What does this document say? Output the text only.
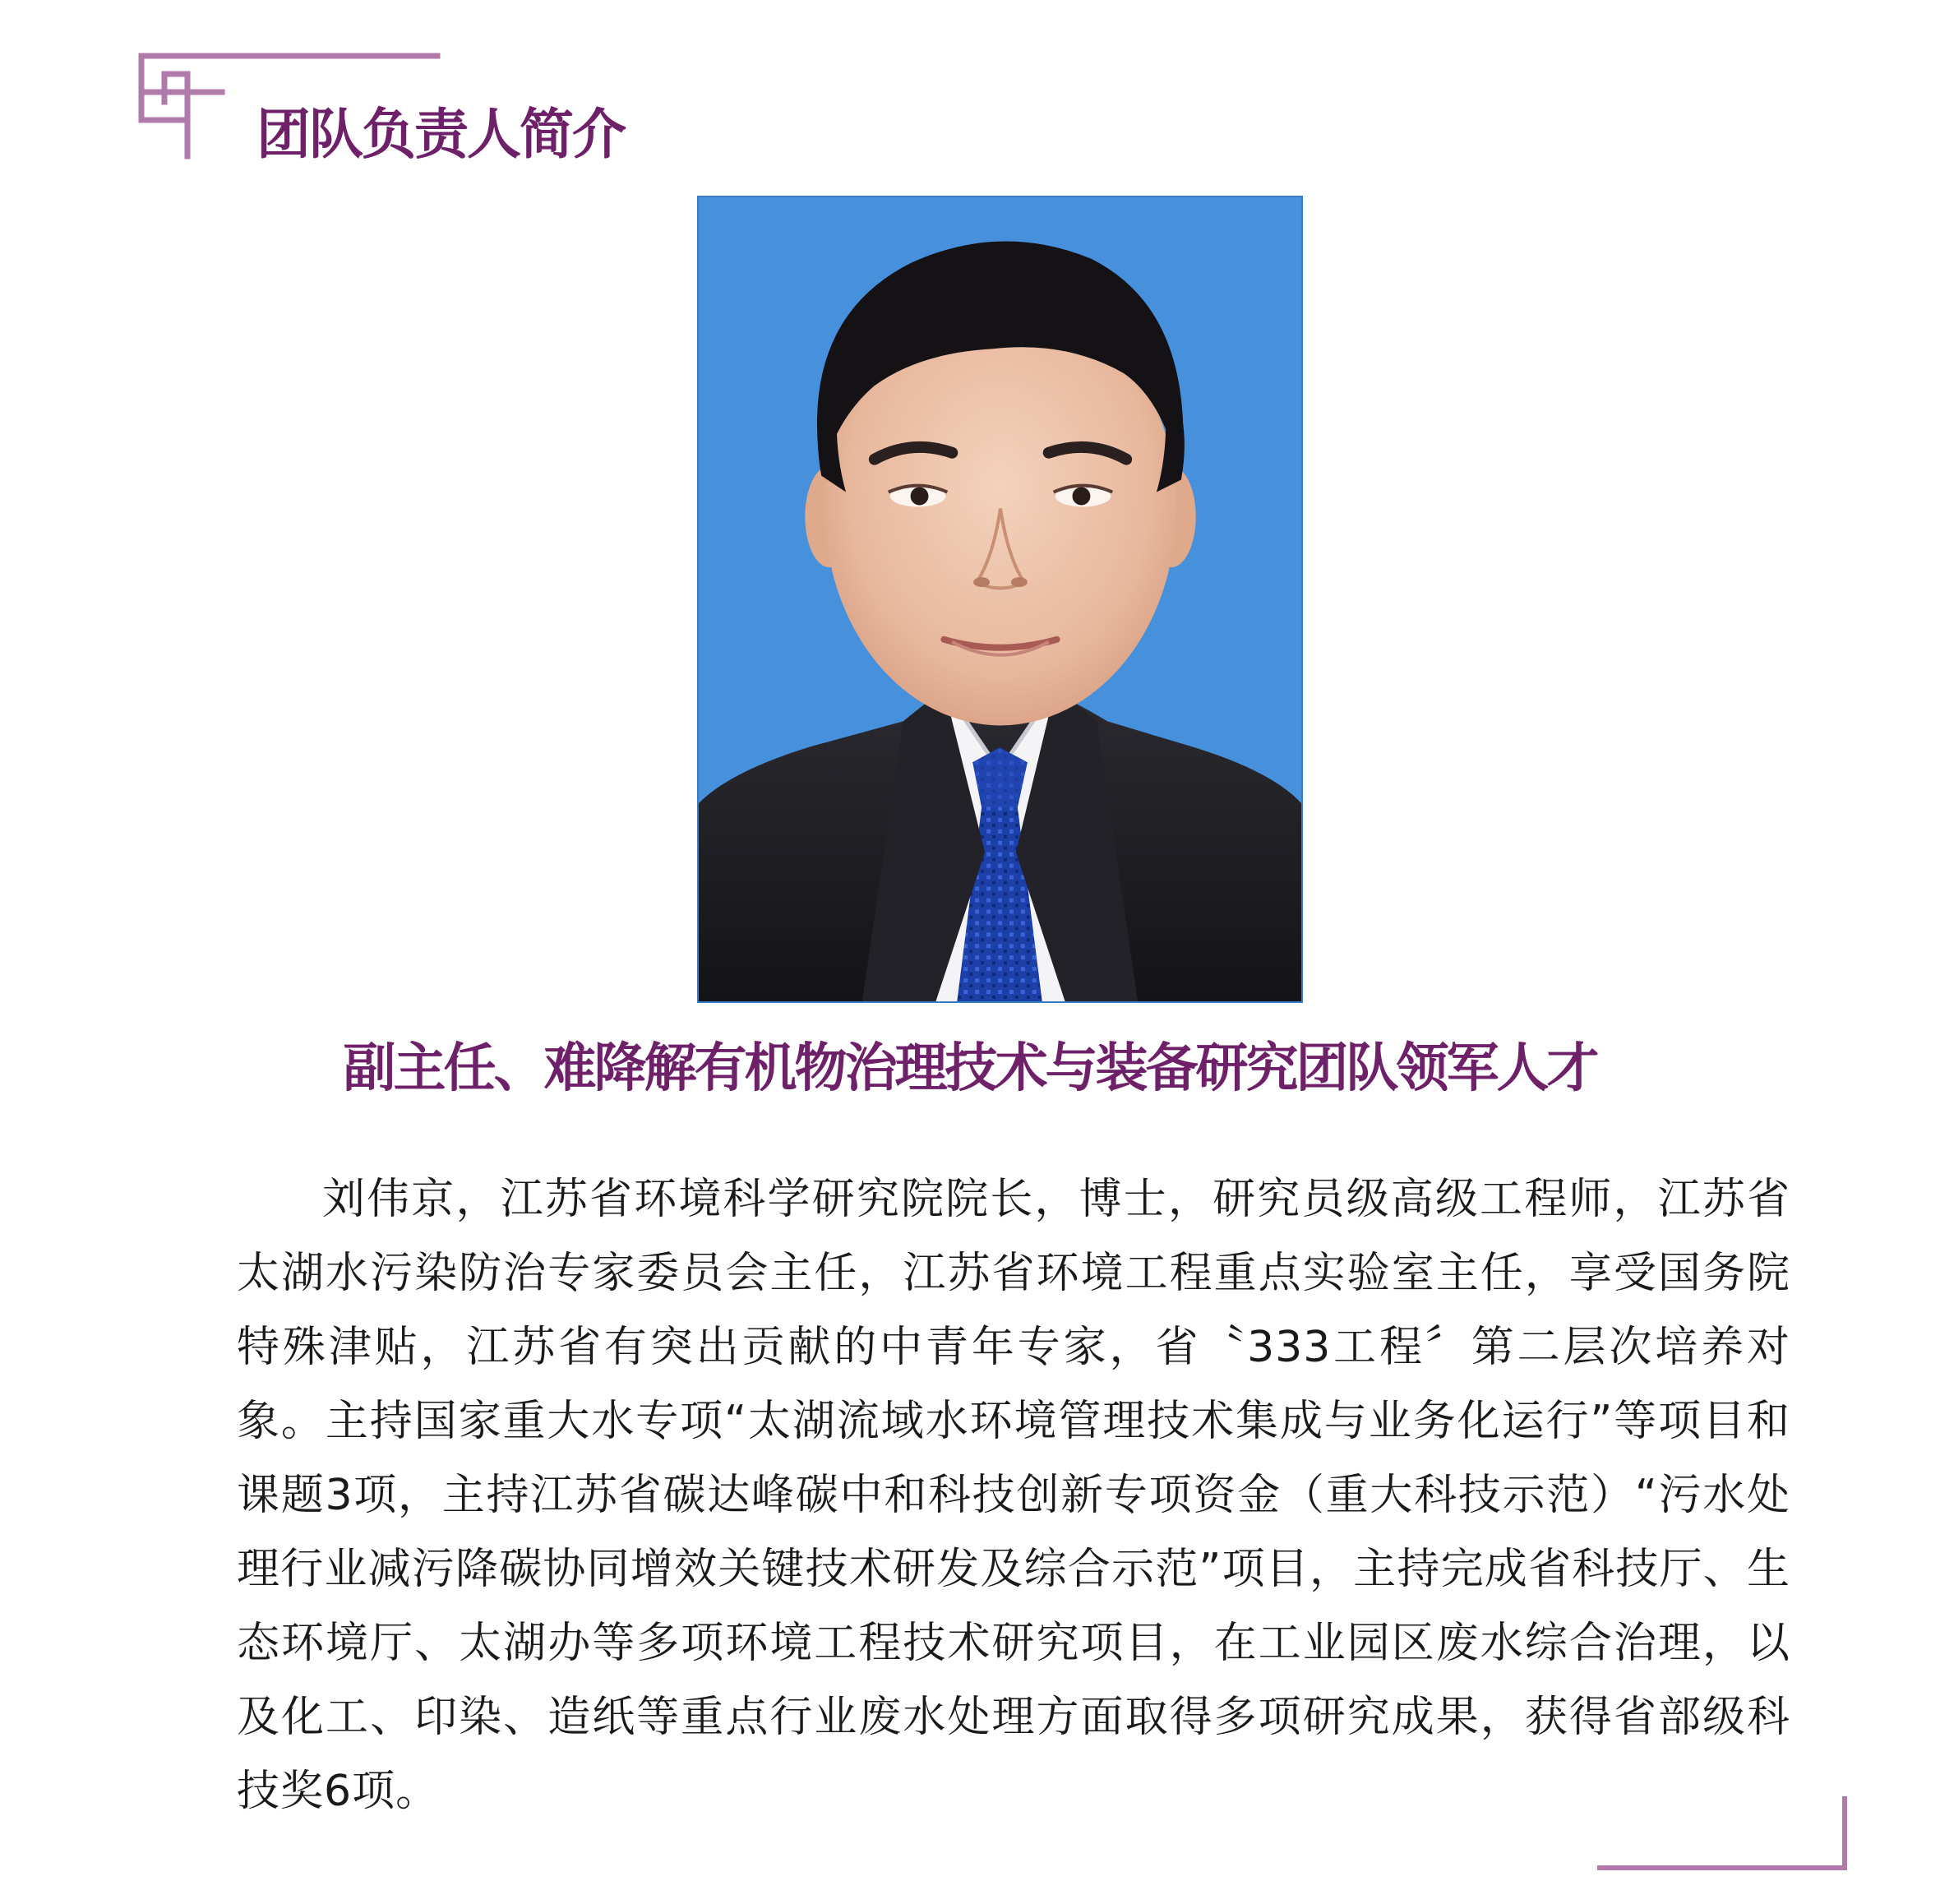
团队负责人简介
副主任、难降解有机物治理技术与装备研究团队领军人才

刘伟京，江苏省环境科学研究院院长，博士，研究员级高级工程师，江苏省太湖水污染防治专家委员会主任，江苏省环境工程重点实验室主任，享受国务院特殊津贴，江苏省有突出贡献的中青年专家，省〝333工程〞第二层次培养对象。主持国家重大水专项“太湖流域水环境管理技术集成与业务化运行”等项目和课题3项，主持江苏省碳达峰碳中和科技创新专项资金（重大科技示范）“污水处理行业减污降碳协同增效关键技术研发及综合示范”项目，主持完成省科技厅、生态环境厅、太湖办等多项环境工程技术研究项目，在工业园区废水综合治理，以及化工、印染、造纸等重点行业废水处理方面取得多项研究成果，获得省部级科技奖6项。
